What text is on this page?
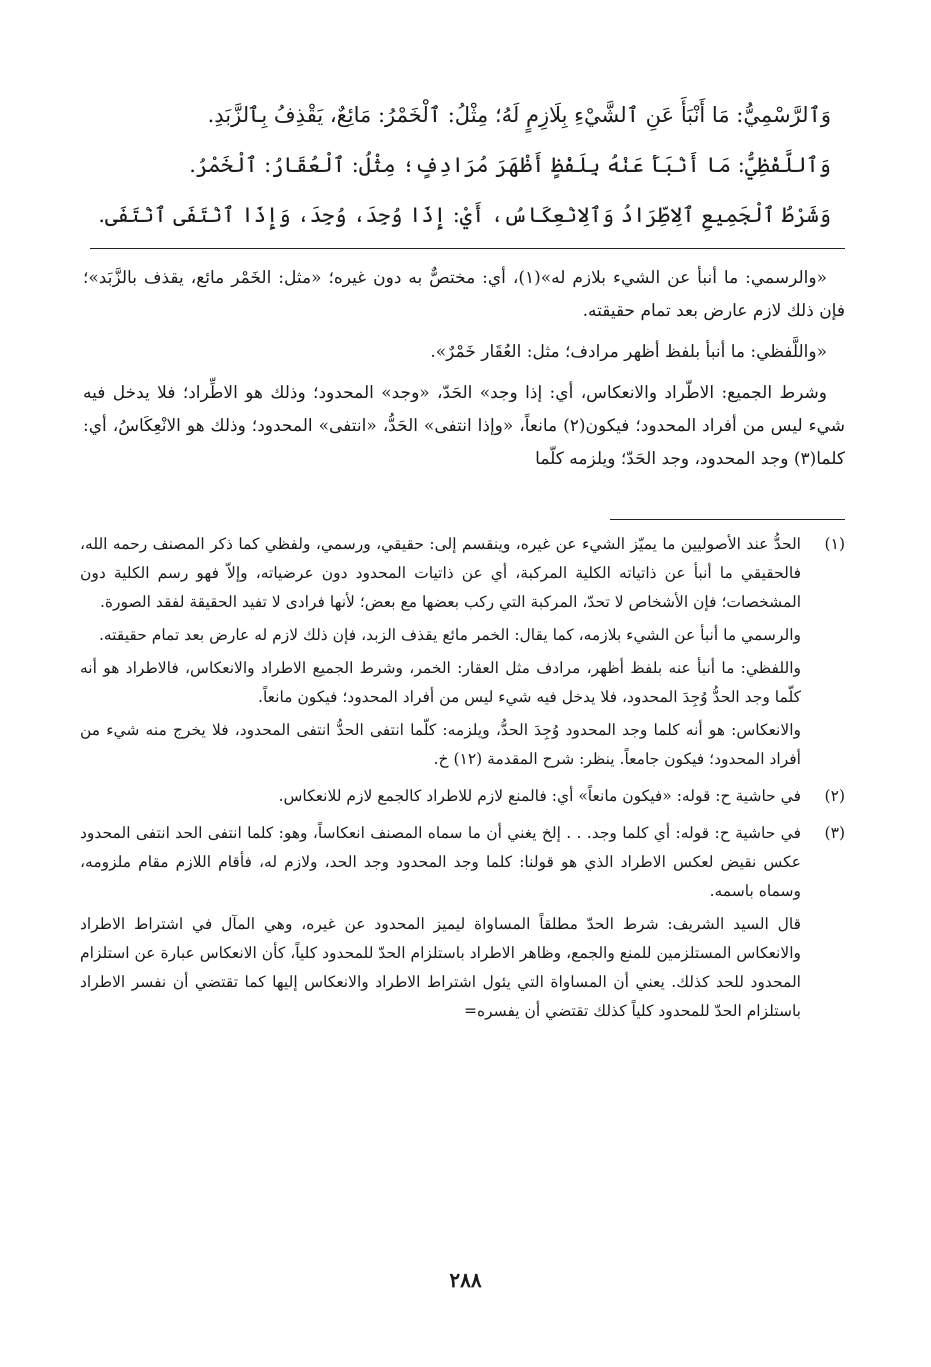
وَٱلرَّسْمِيُّ: مَا أَنْبَأَ عَنِ ٱلشَّيْءِ بِلَازِمٍ لَهُ؛ مِثْلُ: ٱلْخَمْرُ: مَائِعٌ، يَقْذِفُ بِٱلزَّبَدِ.

وَٱللَّفْظِيُّ: مَا أَنْبَأَ عَنْهُ بِلَفْظٍ أَظْهَرَ مُرَادِفٍ؛ مِثْلُ: ٱلْعُقَارُ: ٱلْخَمْرُ.

وَشَرْطُ ٱلْجَمِيعِ ٱلِاطِّرَادُ وَٱلِانْعِكَاسُ، أَيْ: إِذَا وُجِدَ، وُجِدَ، وَإِذَا ٱنْتَفَى ٱنْتَفَى.

«والرسمي: ما أنبأ عن الشيء بلازم له»(١)، أي: مختصٌّ به دون غيره؛ «مثل: الخَمْر مائع، يقذف بالزَّبَد»؛ فإن ذلك لازم عارض بعد تمام حقيقته.

«واللَّفظي: ما أنبأ بلفظ أظهر مرادف؛ مثل: العُقَار خَمْرٌ».

وشرط الجميع: الاطّراد والانعكاس، أي: إذا وجد» الحَدّ، «وجد» المحدود؛ وذلك هو الاطِّراد؛ فلا يدخل فيه شيء ليس من أفراد المحدود؛ فيكون(٢) مانعاً، «وإذا انتفى» الحَدُّ، «انتفى» المحدود؛ وذلك هو الانْعِكَاسُ، أي: كلما(٣) وجد المحدود، وجد الحَدّ؛ ويلزمه كلّما

(١)

الحدُّ عند الأصوليين ما يميّز الشيء عن غيره، وينقسم إلى: حقيقي، ورسمي، ولفظي كما ذكر المصنف رحمه الله، فالحقيقي ما أنبأ عن ذاتياته الكلية المركبة، أي عن ذاتيات المحدود دون عرضياته، وإلاّ فهو رسم الكلية دون المشخصات؛ فإن الأشخاص لا تحدّ، المركبة التي ركب بعضها مع بعض؛ لأنها فرادى لا تفيد الحقيقة لفقد الصورة.

والرسمي ما أنبأ عن الشيء بلازمه، كما يقال: الخمر مائع يقذف الزبد، فإن ذلك لازم له عارض بعد تمام حقيقته.

واللفظي: ما أنبأ عنه بلفظ أظهر، مرادف مثل العقار: الخمر، وشرط الجميع الاطراد والانعكاس، فالاطراد هو أنه كلّما وجد الحدُّ وُجِدَ المحدود، فلا يدخل فيه شيء ليس من أفراد المحدود؛ فيكون مانعاً.

والانعكاس: هو أنه كلما وجد المحدود وُجِدَ الحدُّ، ويلزمه: كلّما انتفى الحدُّ انتفى المحدود، فلا يخرج منه شيء من أفراد المحدود؛ فيكون جامعاً. ينظر: شرح المقدمة (١٢) خ.

(٢)

في حاشية ح: قوله: «فيكون مانعاً» أي: فالمنع لازم للاطراد كالجمع لازم للانعكاس.

(٣)

في حاشية ح: قوله: أي كلما وجد. . . إلخ يغني أن ما سماه المصنف انعكاساً، وهو: كلما انتفى الحد انتفى المحدود عكس نقيض لعكس الاطراد الذي هو قولنا: كلما وجد المحدود وجد الحد، ولازم له، فأقام اللازم مقام ملزومه، وسماه باسمه.

قال السيد الشريف: شرط الحدّ مطلقاً المساواة ليميز المحدود عن غيره، وهي المآل في اشتراط الاطراد والانعكاس المستلزمين للمنع والجمع، وظاهر الاطراد باستلزام الحدّ للمحدود كلياً، كأن الانعكاس عبارة عن استلزام المحدود للحد كذلك. يعني أن المساواة التي يئول اشتراط الاطراد والانعكاس إليها كما تقتضي أن نفسر الاطراد باستلزام الحدّ للمحدود كلياً كذلك تقتضي أن يفسره=

٢٨٨
